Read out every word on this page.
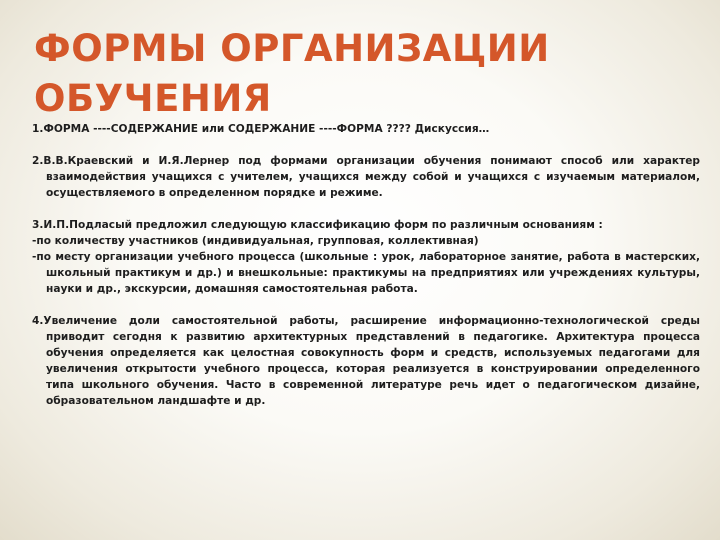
ФОРМЫ ОРГАНИЗАЦИИ ОБУЧЕНИЯ

1.ФОРМА ----СОДЕРЖАНИЕ или СОДЕРЖАНИЕ ----ФОРМА ???? Дискуссия…

2.В.В.Краевский и И.Я.Лернер под формами организации обучения понимают способ или характер взаимодействия учащихся с учителем, учащихся между собой и учащихся с изучаемым материалом, осуществляемого в определенном порядке и режиме.

3.И.П.Подласый предложил следующую классификацию форм по различным основаниям :

-по количеству участников (индивидуальная, групповая, коллективная)

-по месту организации учебного процесса (школьные : урок, лабораторное занятие, работа в мастерских, школьный практикум и др.) и внешкольные: практикумы на предприятиях или учреждениях культуры, науки и др., экскурсии, домашняя самостоятельная работа.

4.Увеличение доли самостоятельной работы, расширение информационно-технологической среды приводит сегодня к развитию архитектурных представлений в педагогике. Архитектура процесса обучения определяется как целостная совокупность форм и средств, используемых педагогами для увеличения открытости учебного процесса, которая реализуется в конструировании определенного типа школьного обучения. Часто в современной литературе речь идет о педагогическом дизайне, образовательном ландшафте и др.
